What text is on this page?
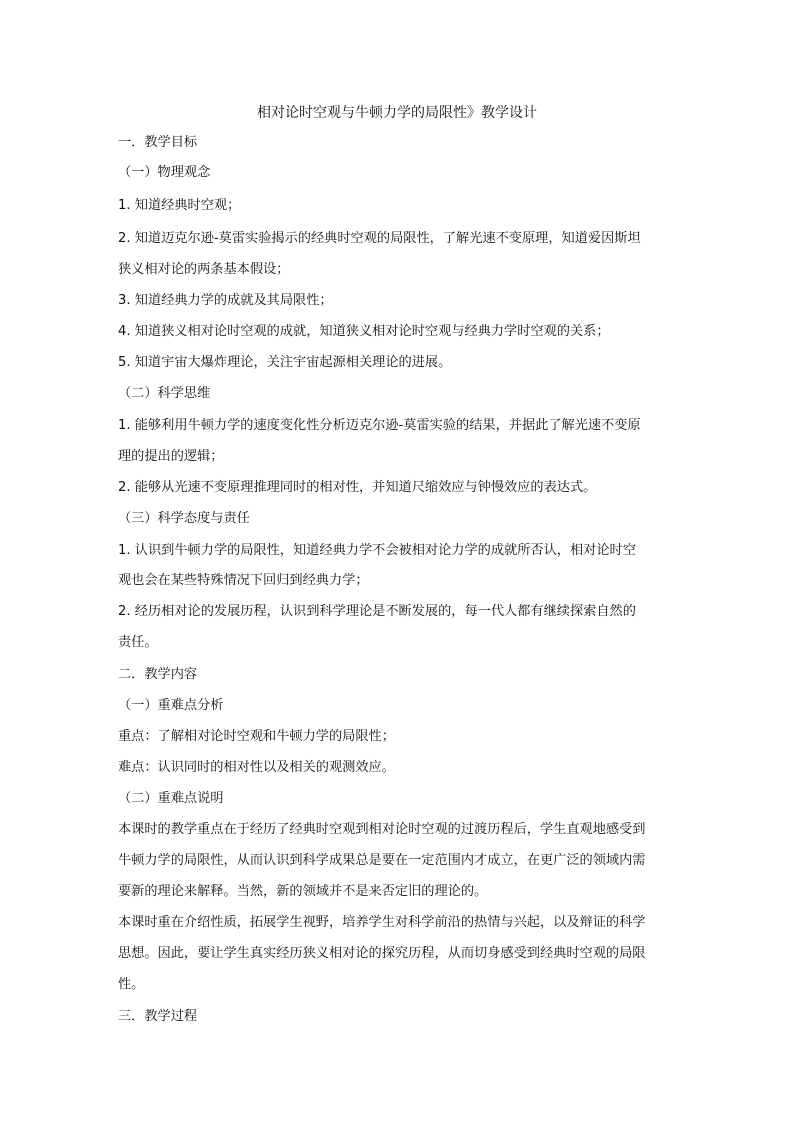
相对论时空观与牛顿力学的局限性》教学设计
一．教学目标
（一）物理观念
1. 知道经典时空观；
2. 知道迈克尔逊-莫雷实验揭示的经典时空观的局限性，了解光速不变原理，知道爱因斯坦
狭义相对论的两条基本假设；
3. 知道经典力学的成就及其局限性；
4. 知道狭义相对论时空观的成就，知道狭义相对论时空观与经典力学时空观的关系；
5. 知道宇宙大爆炸理论，关注宇宙起源相关理论的进展。
（二）科学思维
1. 能够利用牛顿力学的速度变化性分析迈克尔逊-莫雷实验的结果，并据此了解光速不变原
理的提出的逻辑；
2. 能够从光速不变原理推理同时的相对性，并知道尺缩效应与钟慢效应的表达式。
（三）科学态度与责任
1. 认识到牛顿力学的局限性，知道经典力学不会被相对论力学的成就所否认，相对论时空
观也会在某些特殊情况下回归到经典力学；
2. 经历相对论的发展历程，认识到科学理论是不断发展的，每一代人都有继续探索自然的
责任。
二．教学内容
（一）重难点分析
重点：了解相对论时空观和牛顿力学的局限性；
难点：认识同时的相对性以及相关的观测效应。
（二）重难点说明
本课时的教学重点在于经历了经典时空观到相对论时空观的过渡历程后，学生直观地感受到
牛顿力学的局限性，从而认识到科学成果总是要在一定范围内才成立，在更广泛的领域内需
要新的理论来解释。当然，新的领域并不是来否定旧的理论的。
本课时重在介绍性质，拓展学生视野，培养学生对科学前沿的热情与兴起，以及辩证的科学
思想。因此，要让学生真实经历狭义相对论的探究历程，从而切身感受到经典时空观的局限
性。
三．教学过程
